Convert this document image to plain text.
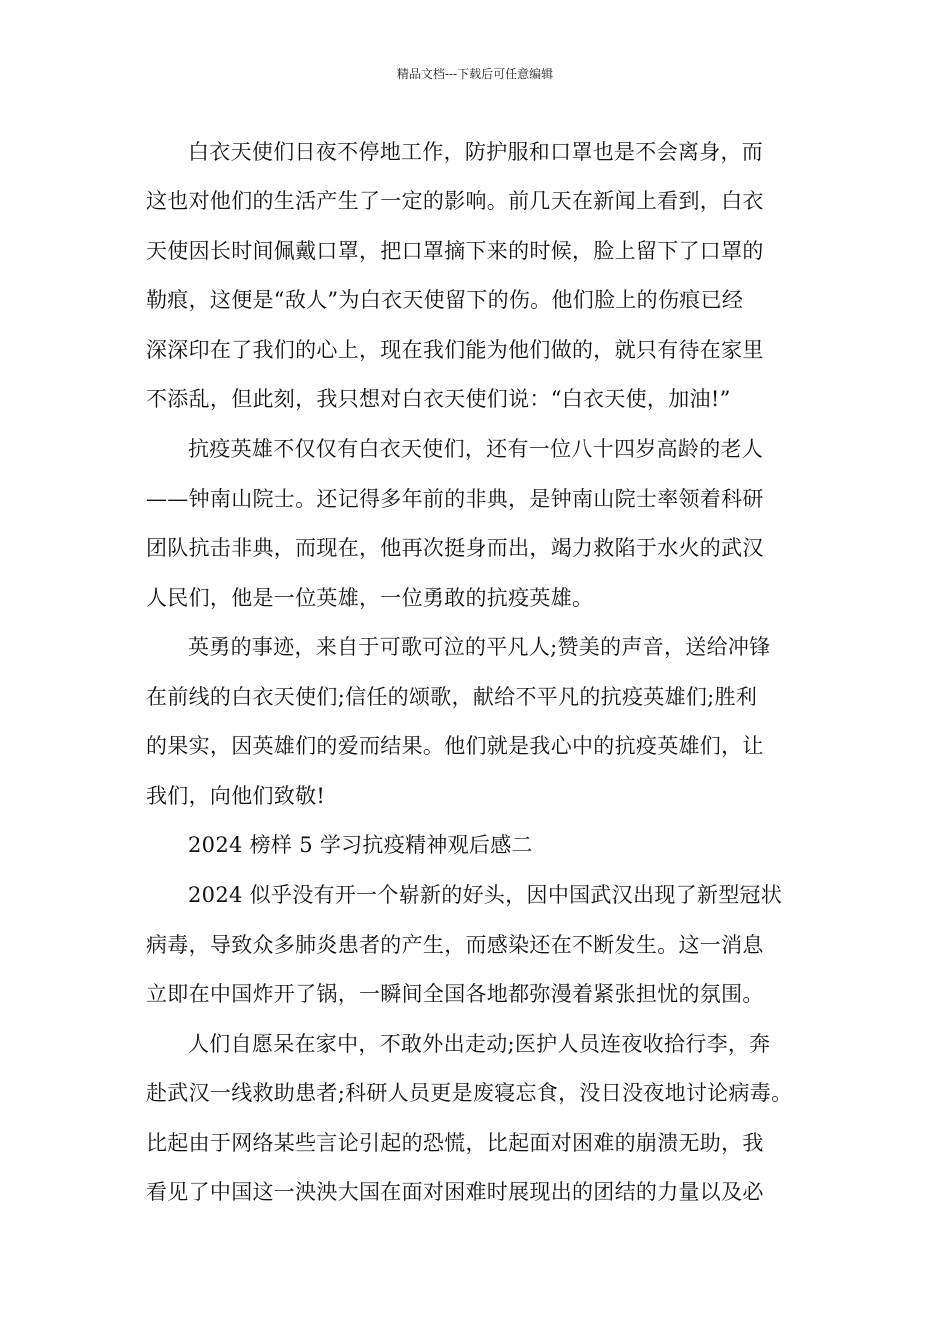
精品文档---下载后可任意编辑
白衣天使们日夜不停地工作，防护服和口罩也是不会离身，而
这也对他们的生活产生了一定的影响。前几天在新闻上看到，白衣
天使因长时间佩戴口罩，把口罩摘下来的时候，脸上留下了口罩的
勒痕，这便是“敌人”为白衣天使留下的伤。他们脸上的伤痕已经
深深印在了我们的心上，现在我们能为他们做的，就只有待在家里
不添乱，但此刻，我只想对白衣天使们说：“白衣天使，加油!”
抗疫英雄不仅仅有白衣天使们，还有一位八十四岁高龄的老人
——钟南山院士。还记得多年前的非典，是钟南山院士率领着科研
团队抗击非典，而现在，他再次挺身而出，竭力救陷于水火的武汉
人民们，他是一位英雄，一位勇敢的抗疫英雄。
英勇的事迹，来自于可歌可泣的平凡人;赞美的声音，送给冲锋
在前线的白衣天使们;信任的颂歌，献给不平凡的抗疫英雄们;胜利
的果实，因英雄们的爱而结果。他们就是我心中的抗疫英雄们，让
我们，向他们致敬!
2024 榜样 5 学习抗疫精神观后感二
2024 似乎没有开一个崭新的好头，因中国武汉出现了新型冠状
病毒，导致众多肺炎患者的产生，而感染还在不断发生。这一消息
立即在中国炸开了锅，一瞬间全国各地都弥漫着紧张担忧的氛围。
人们自愿呆在家中，不敢外出走动;医护人员连夜收拾行李，奔
赴武汉一线救助患者;科研人员更是废寝忘食，没日没夜地讨论病毒。
比起由于网络某些言论引起的恐慌，比起面对困难的崩溃无助，我
看见了中国这一泱泱大国在面对困难时展现出的团结的力量以及必
